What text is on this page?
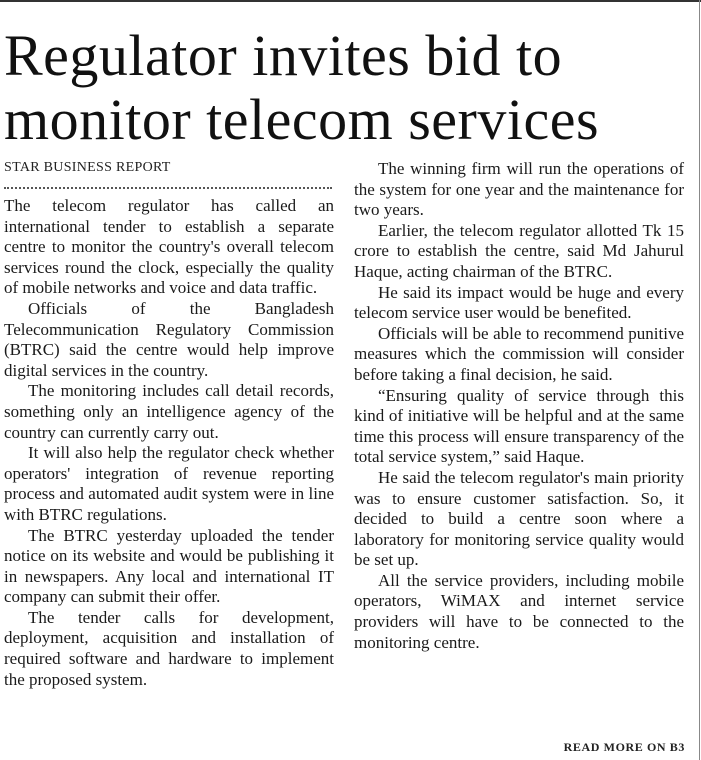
Regulator invites bid to monitor telecom services
STAR BUSINESS REPORT

The telecom regulator has called an international tender to establish a separate centre to monitor the country's overall telecom services round the clock, especially the quality of mobile networks and voice and data traffic.

Officials of the Bangladesh Telecommunication Regulatory Commission (BTRC) said the centre would help improve digital services in the country.

The monitoring includes call detail records, something only an intelligence agency of the country can currently carry out.

It will also help the regulator check whether operators' integration of revenue reporting process and automated audit system were in line with BTRC regulations.

The BTRC yesterday uploaded the tender notice on its website and would be publishing it in newspapers. Any local and international IT company can submit their offer.

The tender calls for development, deployment, acquisition and installation of required software and hardware to implement the proposed system.

The winning firm will run the operations of the system for one year and the maintenance for two years.

Earlier, the telecom regulator allotted Tk 15 crore to establish the centre, said Md Jahurul Haque, acting chairman of the BTRC.

He said its impact would be huge and every telecom service user would be benefited.

Officials will be able to recommend punitive measures which the commission will consider before taking a final decision, he said.

“Ensuring quality of service through this kind of initiative will be helpful and at the same time this process will ensure transparency of the total service system,” said Haque.

He said the telecom regulator's main priority was to ensure customer satisfaction. So, it decided to build a centre soon where a laboratory for monitoring service quality would be set up.

All the service providers, including mobile operators, WiMAX and internet service providers will have to be connected to the monitoring centre.

READ MORE ON B3
